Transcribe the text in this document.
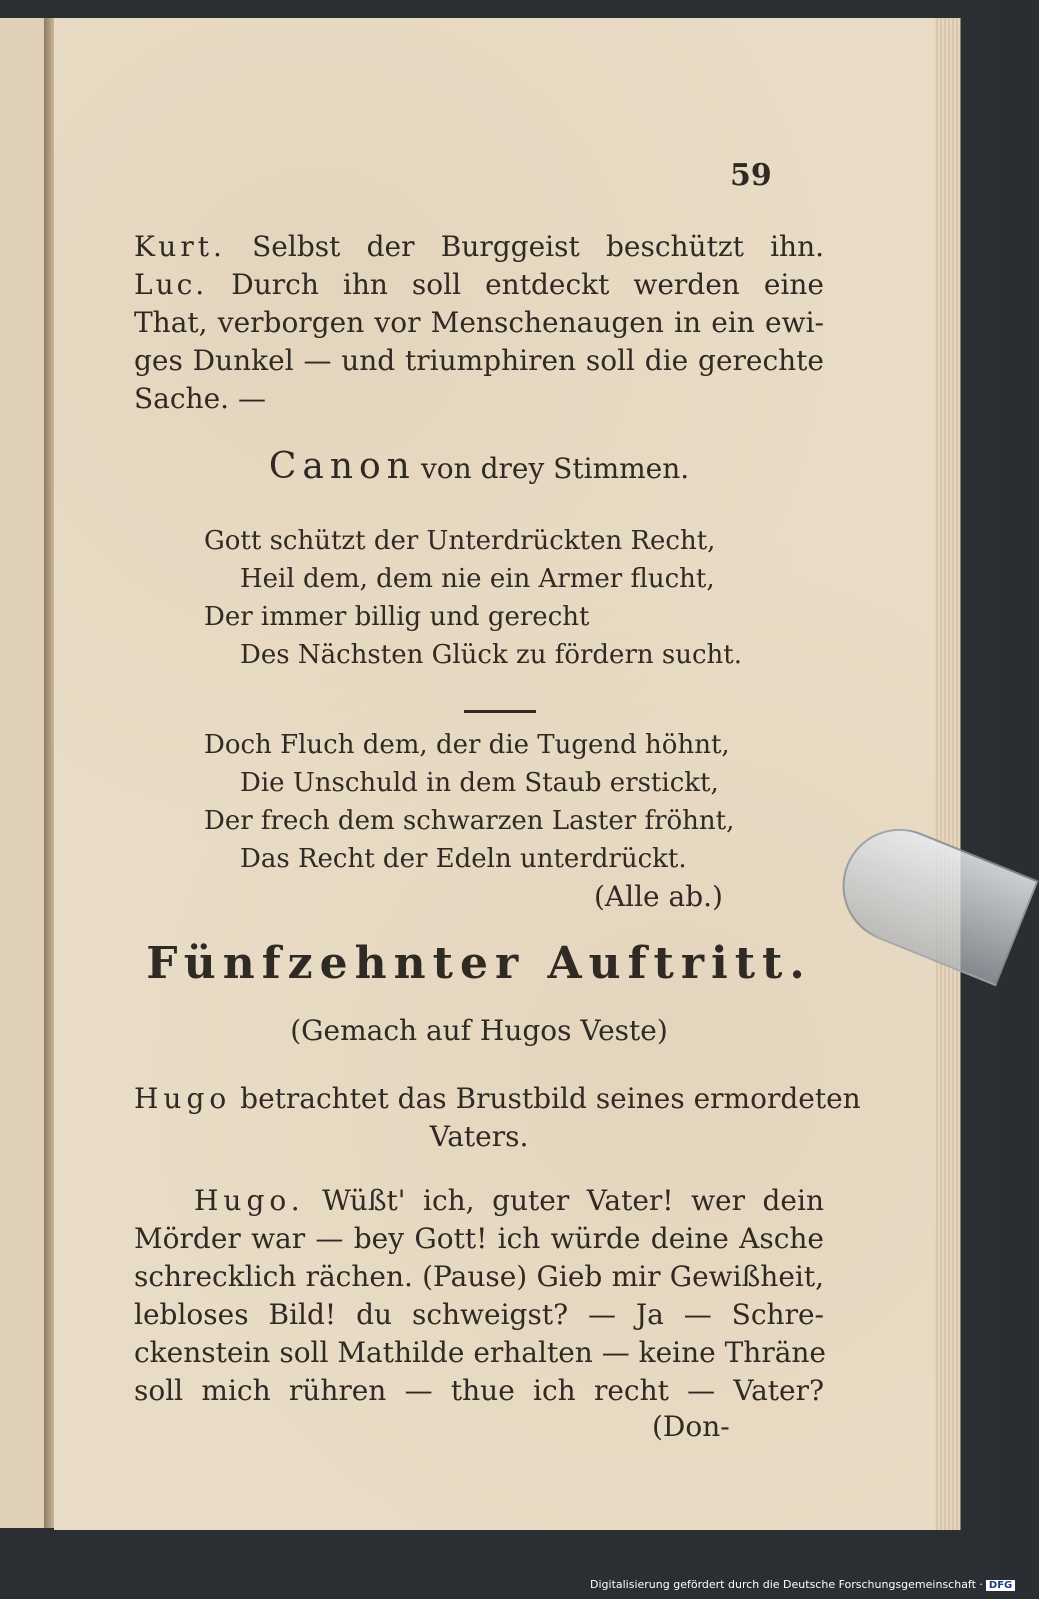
59
Kurt. Selbst der Burggeist beschützt ihn.
Luc. Durch ihn soll entdeckt werden eine
That, verborgen vor Menschenaugen in ein ewi-
ges Dunkel — und triumphiren soll die gerechte
Sache. —
Canon von drey Stimmen.
Gott schützt der Unterdrückten Recht,
Heil dem, dem nie ein Armer flucht,
Der immer billig und gerecht
Des Nächsten Glück zu fördern sucht.
Doch Fluch dem, der die Tugend höhnt,
Die Unschuld in dem Staub erstickt,
Der frech dem schwarzen Laster fröhnt,
Das Recht der Edeln unterdrückt.
(Alle ab.)
Fünfzehnter Auftritt.
(Gemach auf Hugos Veste)
Hugo betrachtet das Brustbild seines ermordeten
Vaters.
Hugo. Wüßt' ich, guter Vater! wer dein
Mörder war — bey Gott! ich würde deine Asche
schrecklich rächen. (Pause) Gieb mir Gewißheit,
lebloses Bild! du schweigst? — Ja — Schre-
ckenstein soll Mathilde erhalten — keine Thräne
soll mich rühren — thue ich recht — Vater?
(Don-
Digitalisierung gefördert durch die Deutsche Forschungsgemeinschaft · DFG
